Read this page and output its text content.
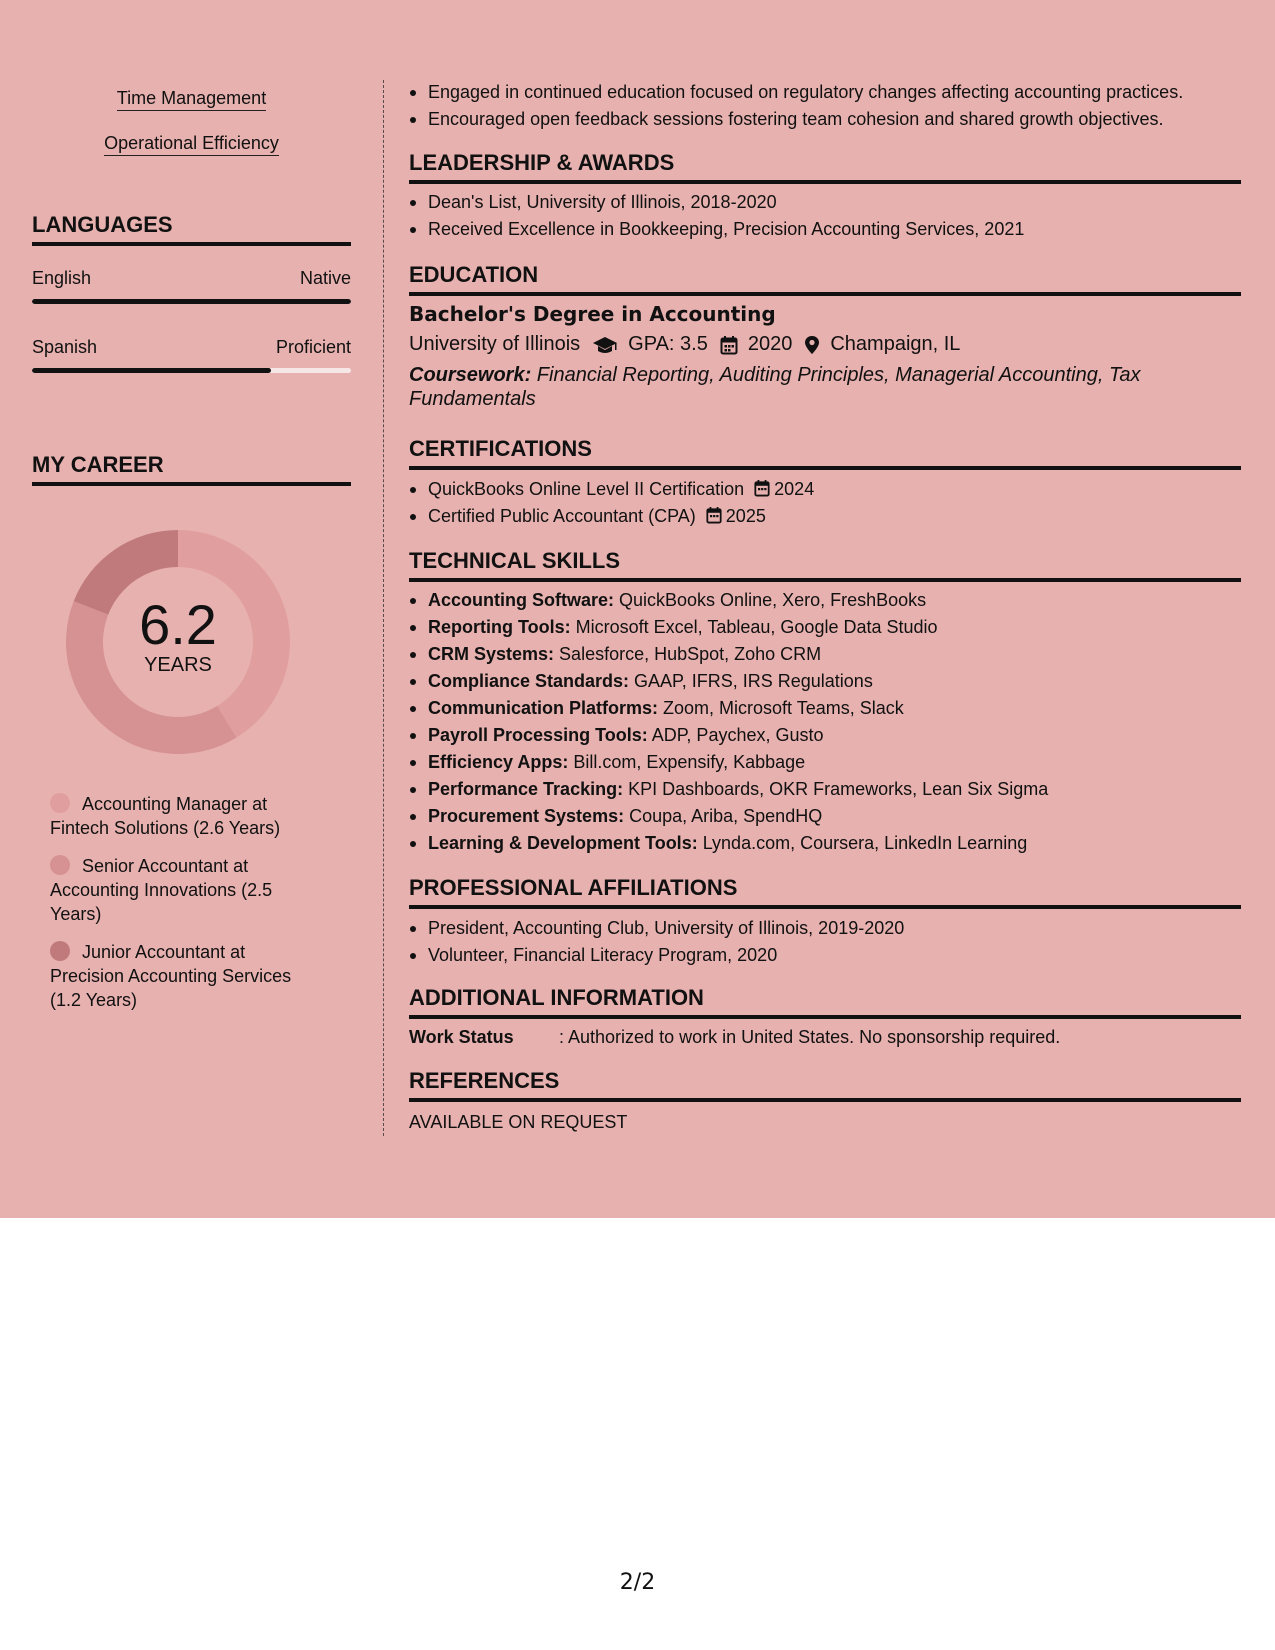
Time Management
Operational Efficiency
LANGUAGES
English	Native
Spanish	Proficient
MY CAREER
6.2
YEARS
Accounting Manager at Fintech Solutions (2.6 Years)
Senior Accountant at Accounting Innovations (2.5 Years)
Junior Accountant at Precision Accounting Services (1.2 Years)
Engaged in continued education focused on regulatory changes affecting accounting practices.
Encouraged open feedback sessions fostering team cohesion and shared growth objectives.
LEADERSHIP & AWARDS
Dean's List, University of Illinois, 2018-2020
Received Excellence in Bookkeeping, Precision Accounting Services, 2021
EDUCATION
Bachelor's Degree in Accounting
University of Illinois GPA: 3.5 2020 Champaign, IL
Coursework: Financial Reporting, Auditing Principles, Managerial Accounting, Tax Fundamentals
CERTIFICATIONS
QuickBooks Online Level II Certification 2024
Certified Public Accountant (CPA) 2025
TECHNICAL SKILLS
Accounting Software: QuickBooks Online, Xero, FreshBooks
Reporting Tools: Microsoft Excel, Tableau, Google Data Studio
CRM Systems: Salesforce, HubSpot, Zoho CRM
Compliance Standards: GAAP, IFRS, IRS Regulations
Communication Platforms: Zoom, Microsoft Teams, Slack
Payroll Processing Tools: ADP, Paychex, Gusto
Efficiency Apps: Bill.com, Expensify, Kabbage
Performance Tracking: KPI Dashboards, OKR Frameworks, Lean Six Sigma
Procurement Systems: Coupa, Ariba, SpendHQ
Learning & Development Tools: Lynda.com, Coursera, LinkedIn Learning
PROFESSIONAL AFFILIATIONS
President, Accounting Club, University of Illinois, 2019-2020
Volunteer, Financial Literacy Program, 2020
ADDITIONAL INFORMATION
Work Status	: Authorized to work in United States. No sponsorship required.
REFERENCES
AVAILABLE ON REQUEST
2/2
